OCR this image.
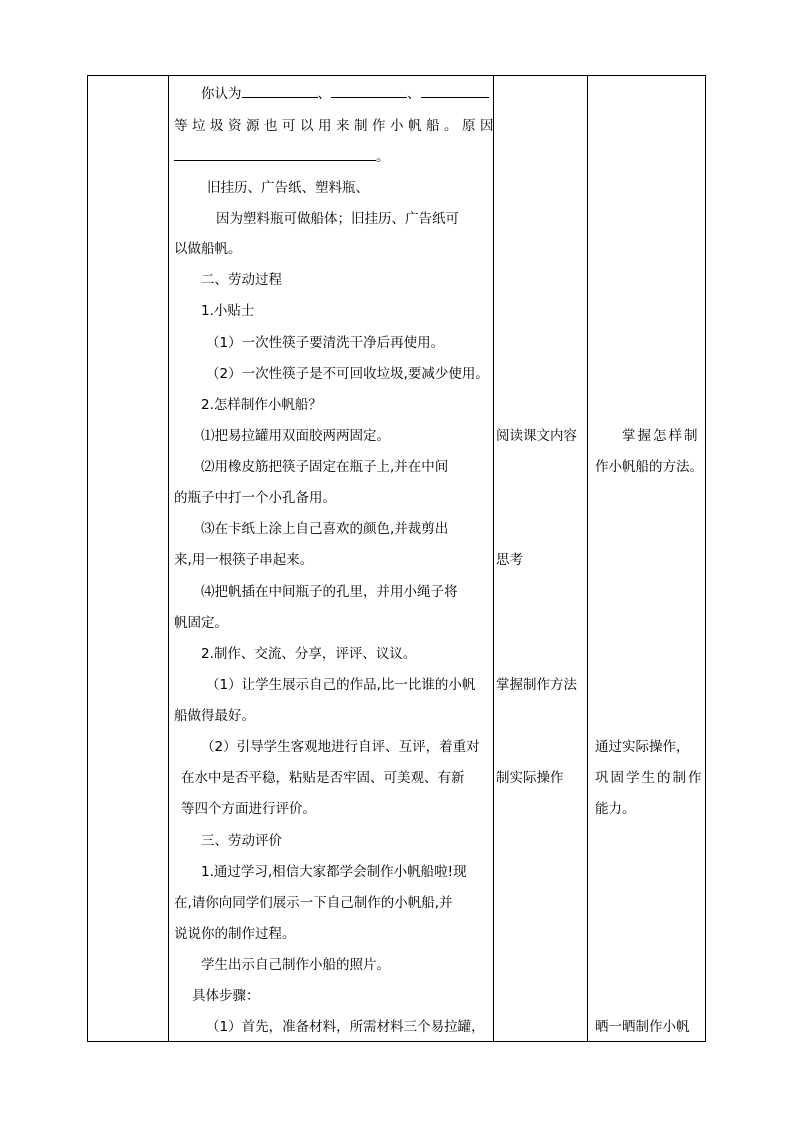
你认为	、	、
等垃圾资源也可以用来制作小帆船。原因
。
旧挂历、广告纸、塑料瓶、
因为塑料瓶可做船体；旧挂历、广告纸可
以做船帆。
二、劳动过程
1.小贴士
（1）一次性筷子要清洗干净后再使用。
（2）一次性筷子是不可回收垃圾,要减少使用。
2.怎样制作小帆船？
⑴把易拉罐用双面胶两两固定。
⑵用橡皮筋把筷子固定在瓶子上,并在中间
的瓶子中打一个小孔备用。
⑶在卡纸上涂上自己喜欢的颜色,并裁剪出
来,用一根筷子串起来。
⑷把帆插在中间瓶子的孔里，并用小绳子将
帆固定。
2.制作、交流、分享，评评、议议。
（1）让学生展示自己的作品,比一比谁的小帆
船做得最好。
（2）引导学生客观地进行自评、互评，着重对
在水中是否平稳，粘贴是否牢固、可美观、有新
等四个方面进行评价。
三、劳动评价
1.通过学习,相信大家都学会制作小帆船啦!现
在,请你向同学们展示一下自己制作的小帆船,并
说说你的制作过程。
学生出示自己制作小船的照片。
具体步骤：
（1）首先，准备材料，所需材料三个易拉罐，
阅读课文内容
思考
掌握制作方法
制实际操作
掌握怎样制
作小帆船的方法。
通过实际操作，
巩固学生的制作
能力。
晒一晒制作小帆
